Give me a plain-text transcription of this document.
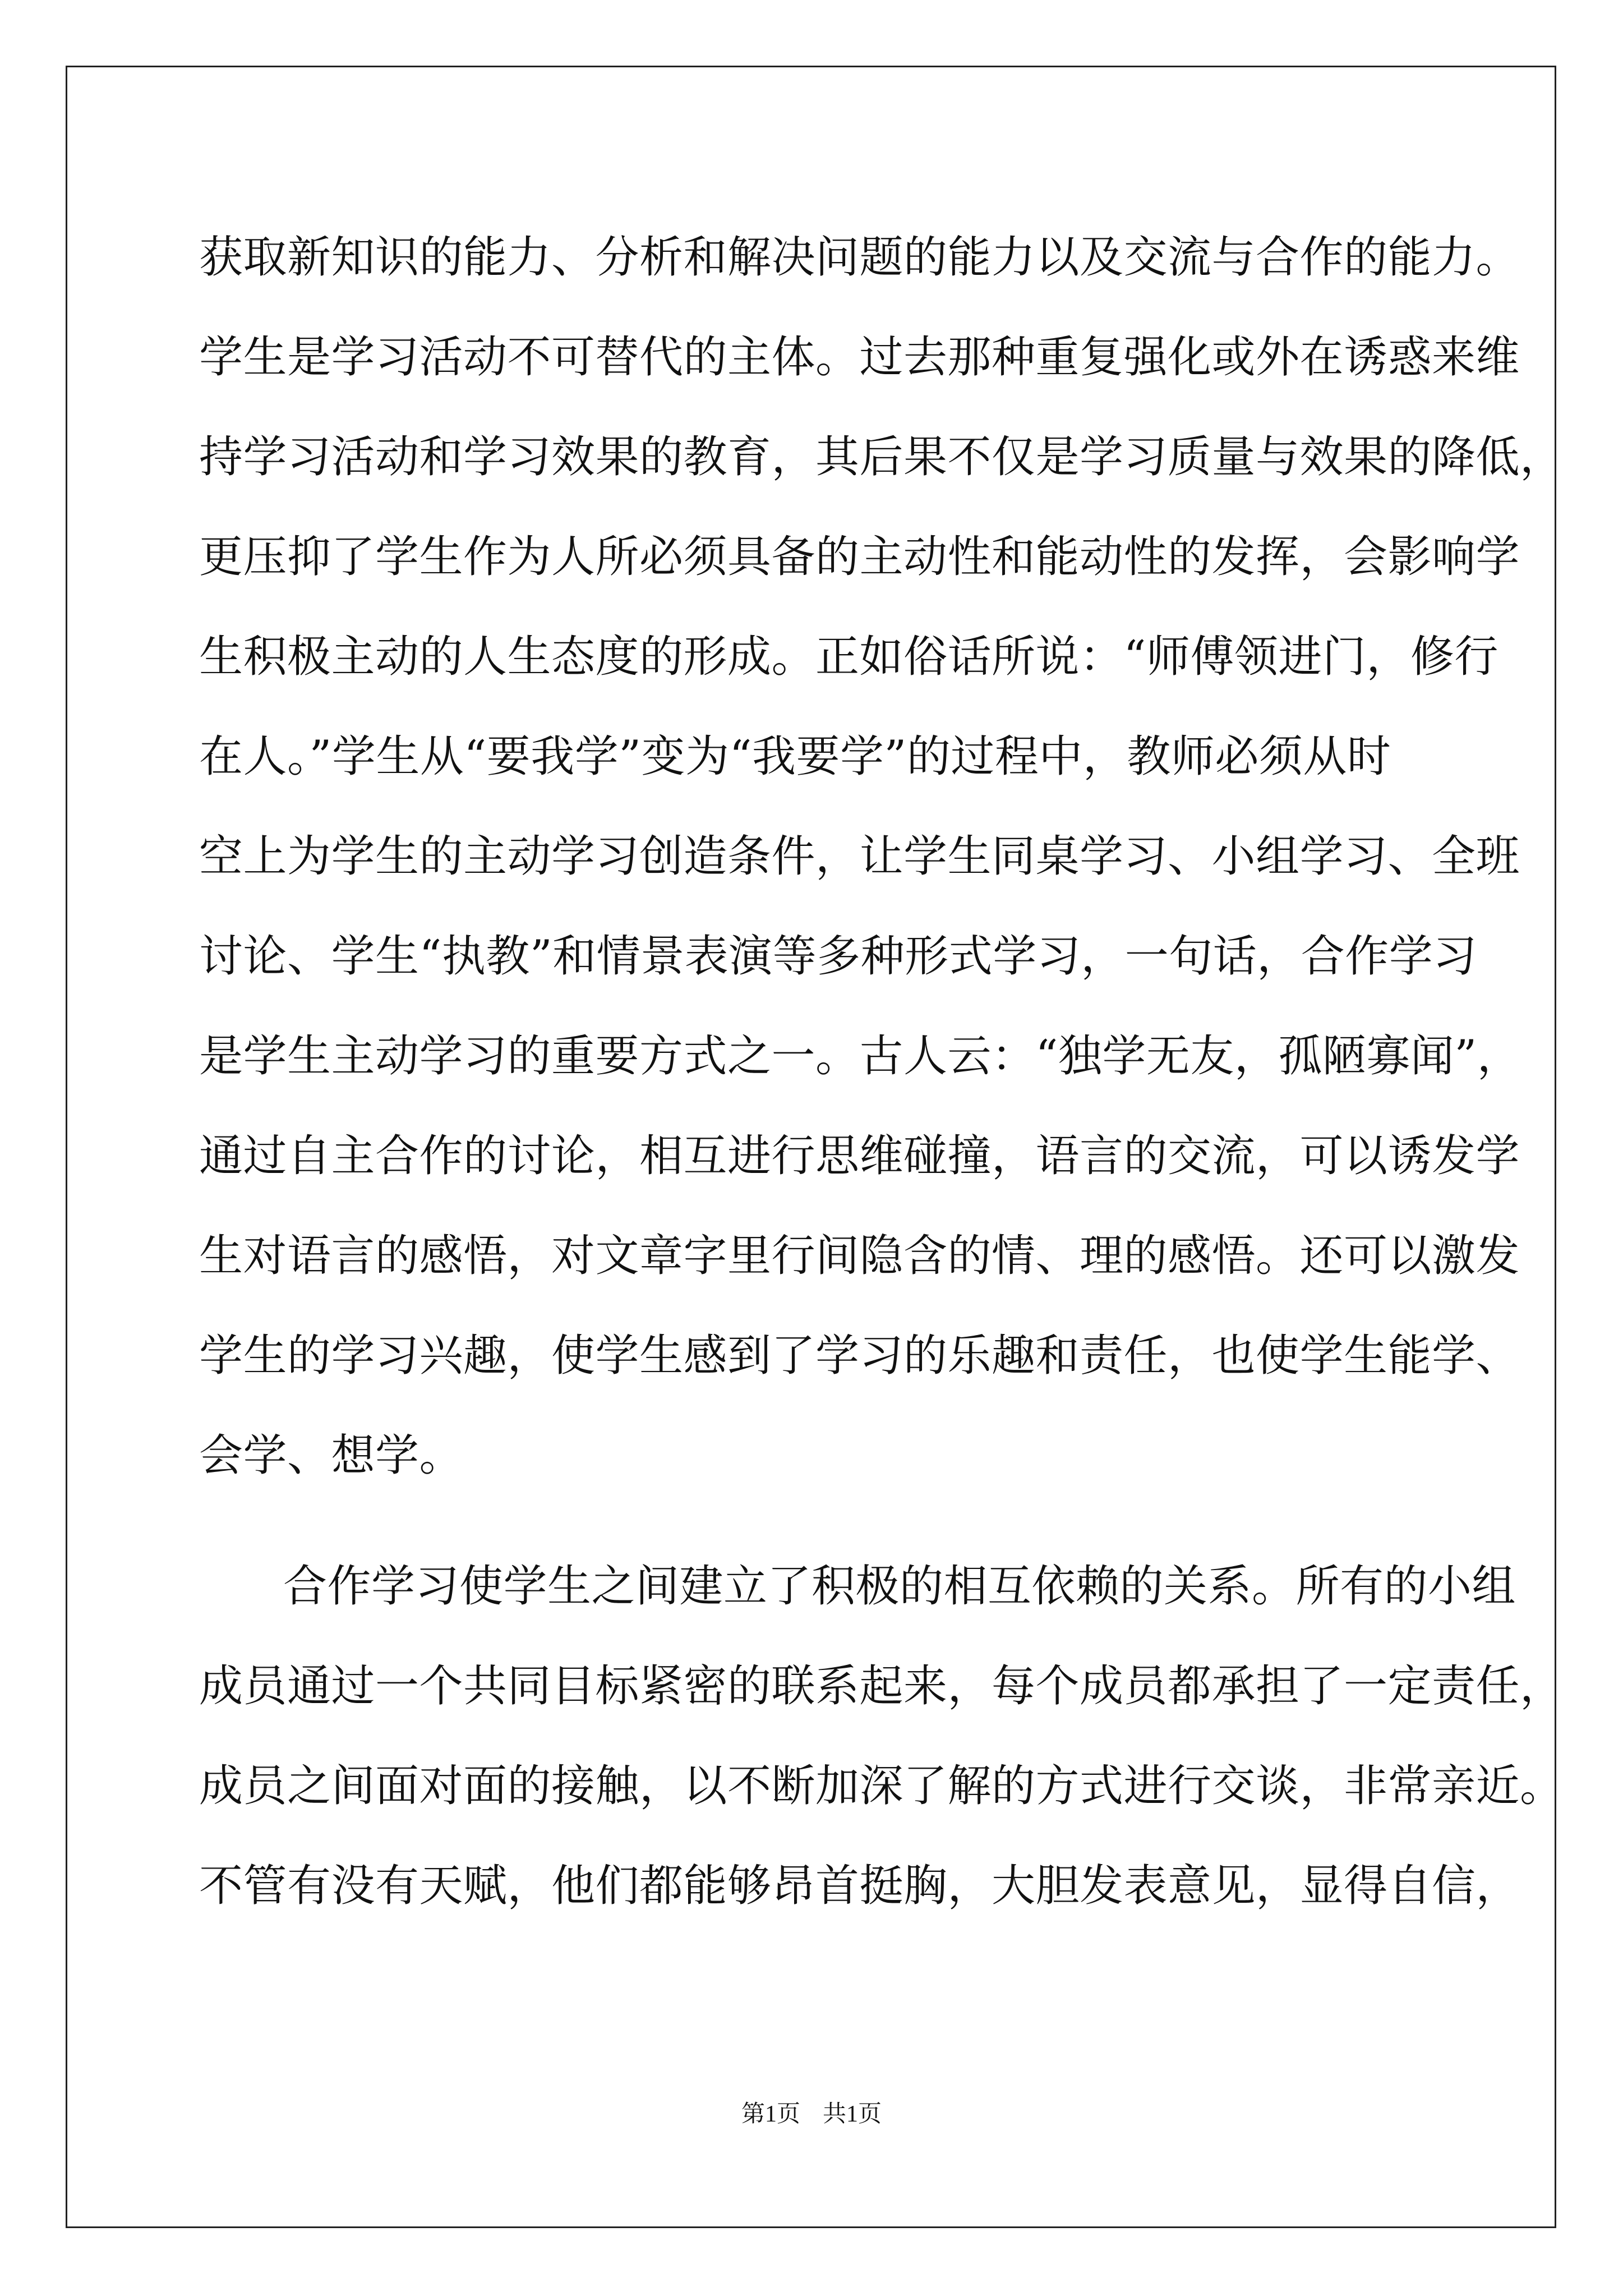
获取新知识的能力、分析和解决问题的能力以及交流与合作的能力。
学生是学习活动不可替代的主体。过去那种重复强化或外在诱惑来维
持学习活动和学习效果的教育，其后果不仅是学习质量与效果的降低，
更压抑了学生作为人所必须具备的主动性和能动性的发挥，会影响学
生积极主动的人生态度的形成。正如俗话所说：“师傅领进门，修行
在人。”学生从“要我学”变为“我要学”的过程中，教师必须从时
空上为学生的主动学习创造条件，让学生同桌学习、小组学习、全班
讨论、学生“执教”和情景表演等多种形式学习，一句话，合作学习
是学生主动学习的重要方式之一。古人云：“独学无友，孤陋寡闻”，
通过自主合作的讨论，相互进行思维碰撞，语言的交流，可以诱发学
生对语言的感悟，对文章字里行间隐含的情、理的感悟。还可以激发
学生的学习兴趣，使学生感到了学习的乐趣和责任，也使学生能学、
会学、想学。
合作学习使学生之间建立了积极的相互依赖的关系。所有的小组
成员通过一个共同目标紧密的联系起来，每个成员都承担了一定责任，
成员之间面对面的接触，以不断加深了解的方式进行交谈，非常亲近。
不管有没有天赋，他们都能够昂首挺胸，大胆发表意见，显得自信，
第1页 共1页
